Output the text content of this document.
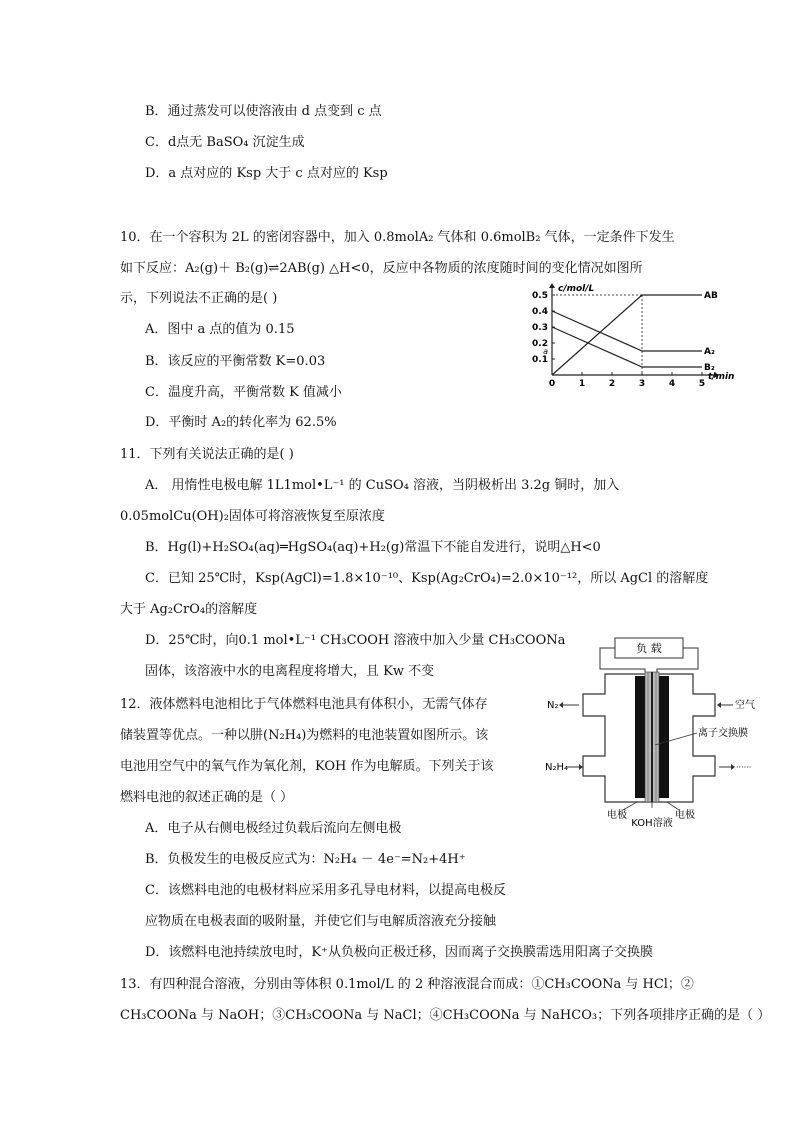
B．通过蒸发可以使溶液由 d 点变到 c 点
C．d点无 BaSO₄ 沉淀生成
D．a 点对应的 Ksp 大于 c 点对应的 Ksp
10．在一个容积为 2L 的密闭容器中，加入 0.8molA₂ 气体和 0.6molB₂ 气体，一定条件下发生
如下反应：A₂(g)＋ B₂(g)⇌2AB(g) △H<0，反应中各物质的浓度随时间的变化情况如图所
示，下列说法不正确的是( )
A．图中 a 点的值为 0.15
B．该反应的平衡常数 K=0.03
C．温度升高，平衡常数 K 值减小
D．平衡时 A₂的转化率为 62.5%
11．下列有关说法正确的是( )
A． 用惰性电极电解 1L1mol•L⁻¹ 的 CuSO₄ 溶液，当阴极析出 3.2g 铜时，加入
0.05molCu(OH)₂固体可将溶液恢复至原浓度
B．Hg(l)+H₂SO₄(aq)═HgSO₄(aq)+H₂(g)常温下不能自发进行，说明△H<0
C．已知 25℃时，Ksp(AgCl)=1.8×10⁻¹⁰、Ksp(Ag₂CrO₄)=2.0×10⁻¹²，所以 AgCl 的溶解度
大于 Ag₂CrO₄的溶解度
D．25℃时，向0.1 mol•L⁻¹ CH₃COOH 溶液中加入少量 CH₃COONa
固体，该溶液中水的电离程度将增大，且 Kw 不变
12．液体燃料电池相比于气体燃料电池具有体积小，无需气体存
储装置等优点。一种以肼(N₂H₄)为燃料的电池装置如图所示。该
电池用空气中的氧气作为氧化剂，KOH 作为电解质。下列关于该
燃料电池的叙述正确的是（ ）
A．电子从右侧电极经过负载后流向左侧电极
B．负极发生的电极反应式为：N₂H₄ － 4e⁻=N₂+4H⁺
C．该燃料电池的电极材料应采用多孔导电材料，以提高电极反
应物质在电极表面的吸附量，并使它们与电解质溶液充分接触
D．该燃料电池持续放电时，K⁺从负极向正极迁移，因而离子交换膜需选用阳离子交换膜
13．有四种混合溶液，分别由等体积 0.1mol/L 的 2 种溶液混合而成：①CH₃COONa 与 HCl；②
CH₃COONa 与 NaOH；③CH₃COONa 与 NaCl；④CH₃COONa 与 NaHCO₃；下列各项排序正确的是（ ）
c/mol/L
t/min
0.5
0.4
0.3
0.2
0.1
a
0	1	2	3	4	5
AB
A₂
B₂
负 载
N₂
N₂H₄
空气
离子交换膜
······
电极	电极
KOH溶液
